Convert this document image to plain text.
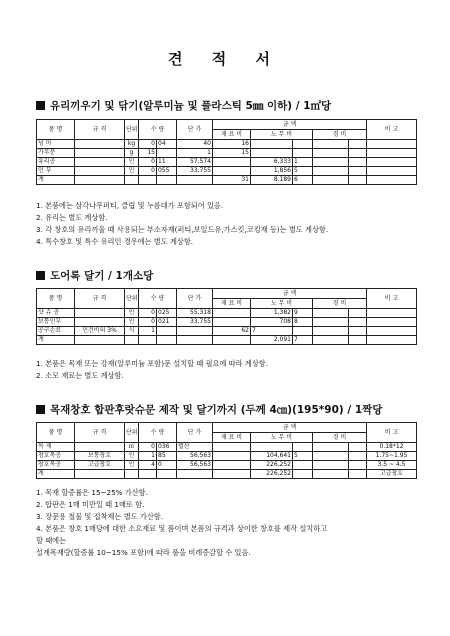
견 적 서
유리끼우기 및 닦기(알루미늄 및 플라스틱 5㎜ 이하) / 1㎡당
품 명	규 격	단위	수 량		단 가	금 액					비 고
						재 료 비	노 무 비		경 비		
넝 마		kg	0	04	40	16					
가루분		g	15		1	15					
유리공		인	0	11	57,574		6,333	1			
인 부		인	0	055	33,755		1,856	5			
계						31	8,189	6			
1. 본품에는 삼각나무퍼티, 클립 및 누름대가 포함되어 있음.
2. 유리는 별도 계상함.
3. 각 창호의 유리끼울 때 사용되는 부소자재(퍼티,보일드유,가스킷,코킹재 등)는 별도 계상함.
4. 특수창호 및 특수 유리인 경우에는 별도 계상함.
도어록 달기 / 1개소당
품 명	규 격	단위	수 량		단 가	금 액					비 고
						재 료 비	노 무 비		경 비		
샷 슈 공		인	0	025	55,318		1,382	9			
보통인부		인	0	021	33,755		708	8			
공구손료	인건비의 3%	식	1			62	7				
계							2,091	7			
1. 본품은 목재 또는 강재(알루미늄 포함)문 설치할 때 필요에 따라 계상함.
2. 소모 재료는 별도 계상함.
목재창호 합판후랏슈문 제작 및 달기까지 (두께 4㎝)(195*90) / 1짝당
품 명	규 격	단위	수 량		단 가	금 액					비 고
						재 료 비	노 무 비		경 비		
목 재		㎥	0	036	별산						0.18*12
창호목공	보통창호	인	1	85	56,563		104,641	5			1.75~1.95
창호목공	고급창호	인	4	0	56,563		226,252				3.5 ~ 4.5
계							226,252				고급창호
1. 목재 할증률은 15~25% 가산함.
2. 합판은 1매 미만일 때 1매로 함.
3. 장문용 철물 및 접착제는 별도 가산함.
4. 본품은 창호 1매당에 대한 소요재료 및 품이며 본품의 규격과 상이한 창호를 제작 설치하고
할 때에는
설계목재량(할증률 10~15% 포함)에 따라 품을 비례증감할 수 있음.
